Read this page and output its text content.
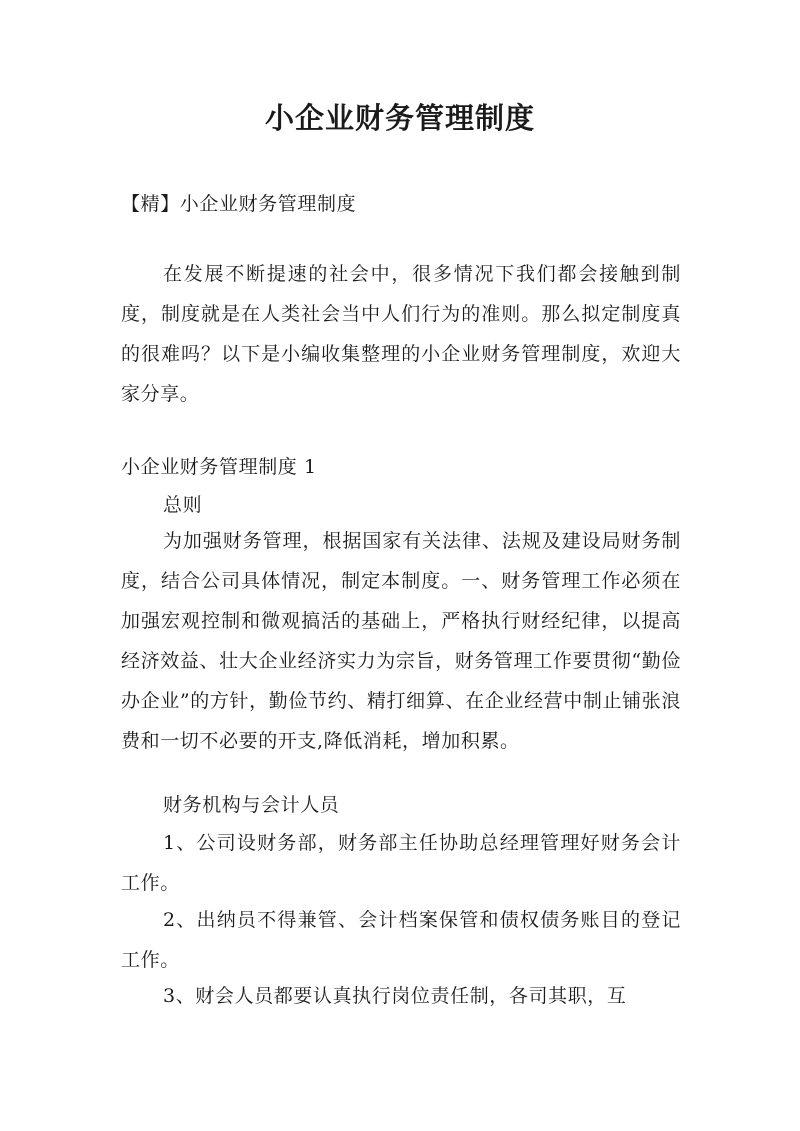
小企业财务管理制度

【精】小企业财务管理制度

在发展不断提速的社会中，很多情况下我们都会接触到制度，制度就是在人类社会当中人们行为的准则。那么拟定制度真的很难吗？以下是小编收集整理的小企业财务管理制度，欢迎大家分享。

小企业财务管理制度 1

总则

为加强财务管理，根据国家有关法律、法规及建设局财务制度，结合公司具体情况，制定本制度。一、财务管理工作必须在加强宏观控制和微观搞活的基础上，严格执行财经纪律，以提高经济效益、壮大企业经济实力为宗旨，财务管理工作要贯彻“勤俭办企业”的方针，勤俭节约、精打细算、在企业经营中制止铺张浪费和一切不必要的开支,降低消耗，增加积累。

财务机构与会计人员

1、公司设财务部，财务部主任协助总经理管理好财务会计工作。

2、出纳员不得兼管、会计档案保管和债权债务账目的登记工作。

3、财会人员都要认真执行岗位责任制，各司其职，互
